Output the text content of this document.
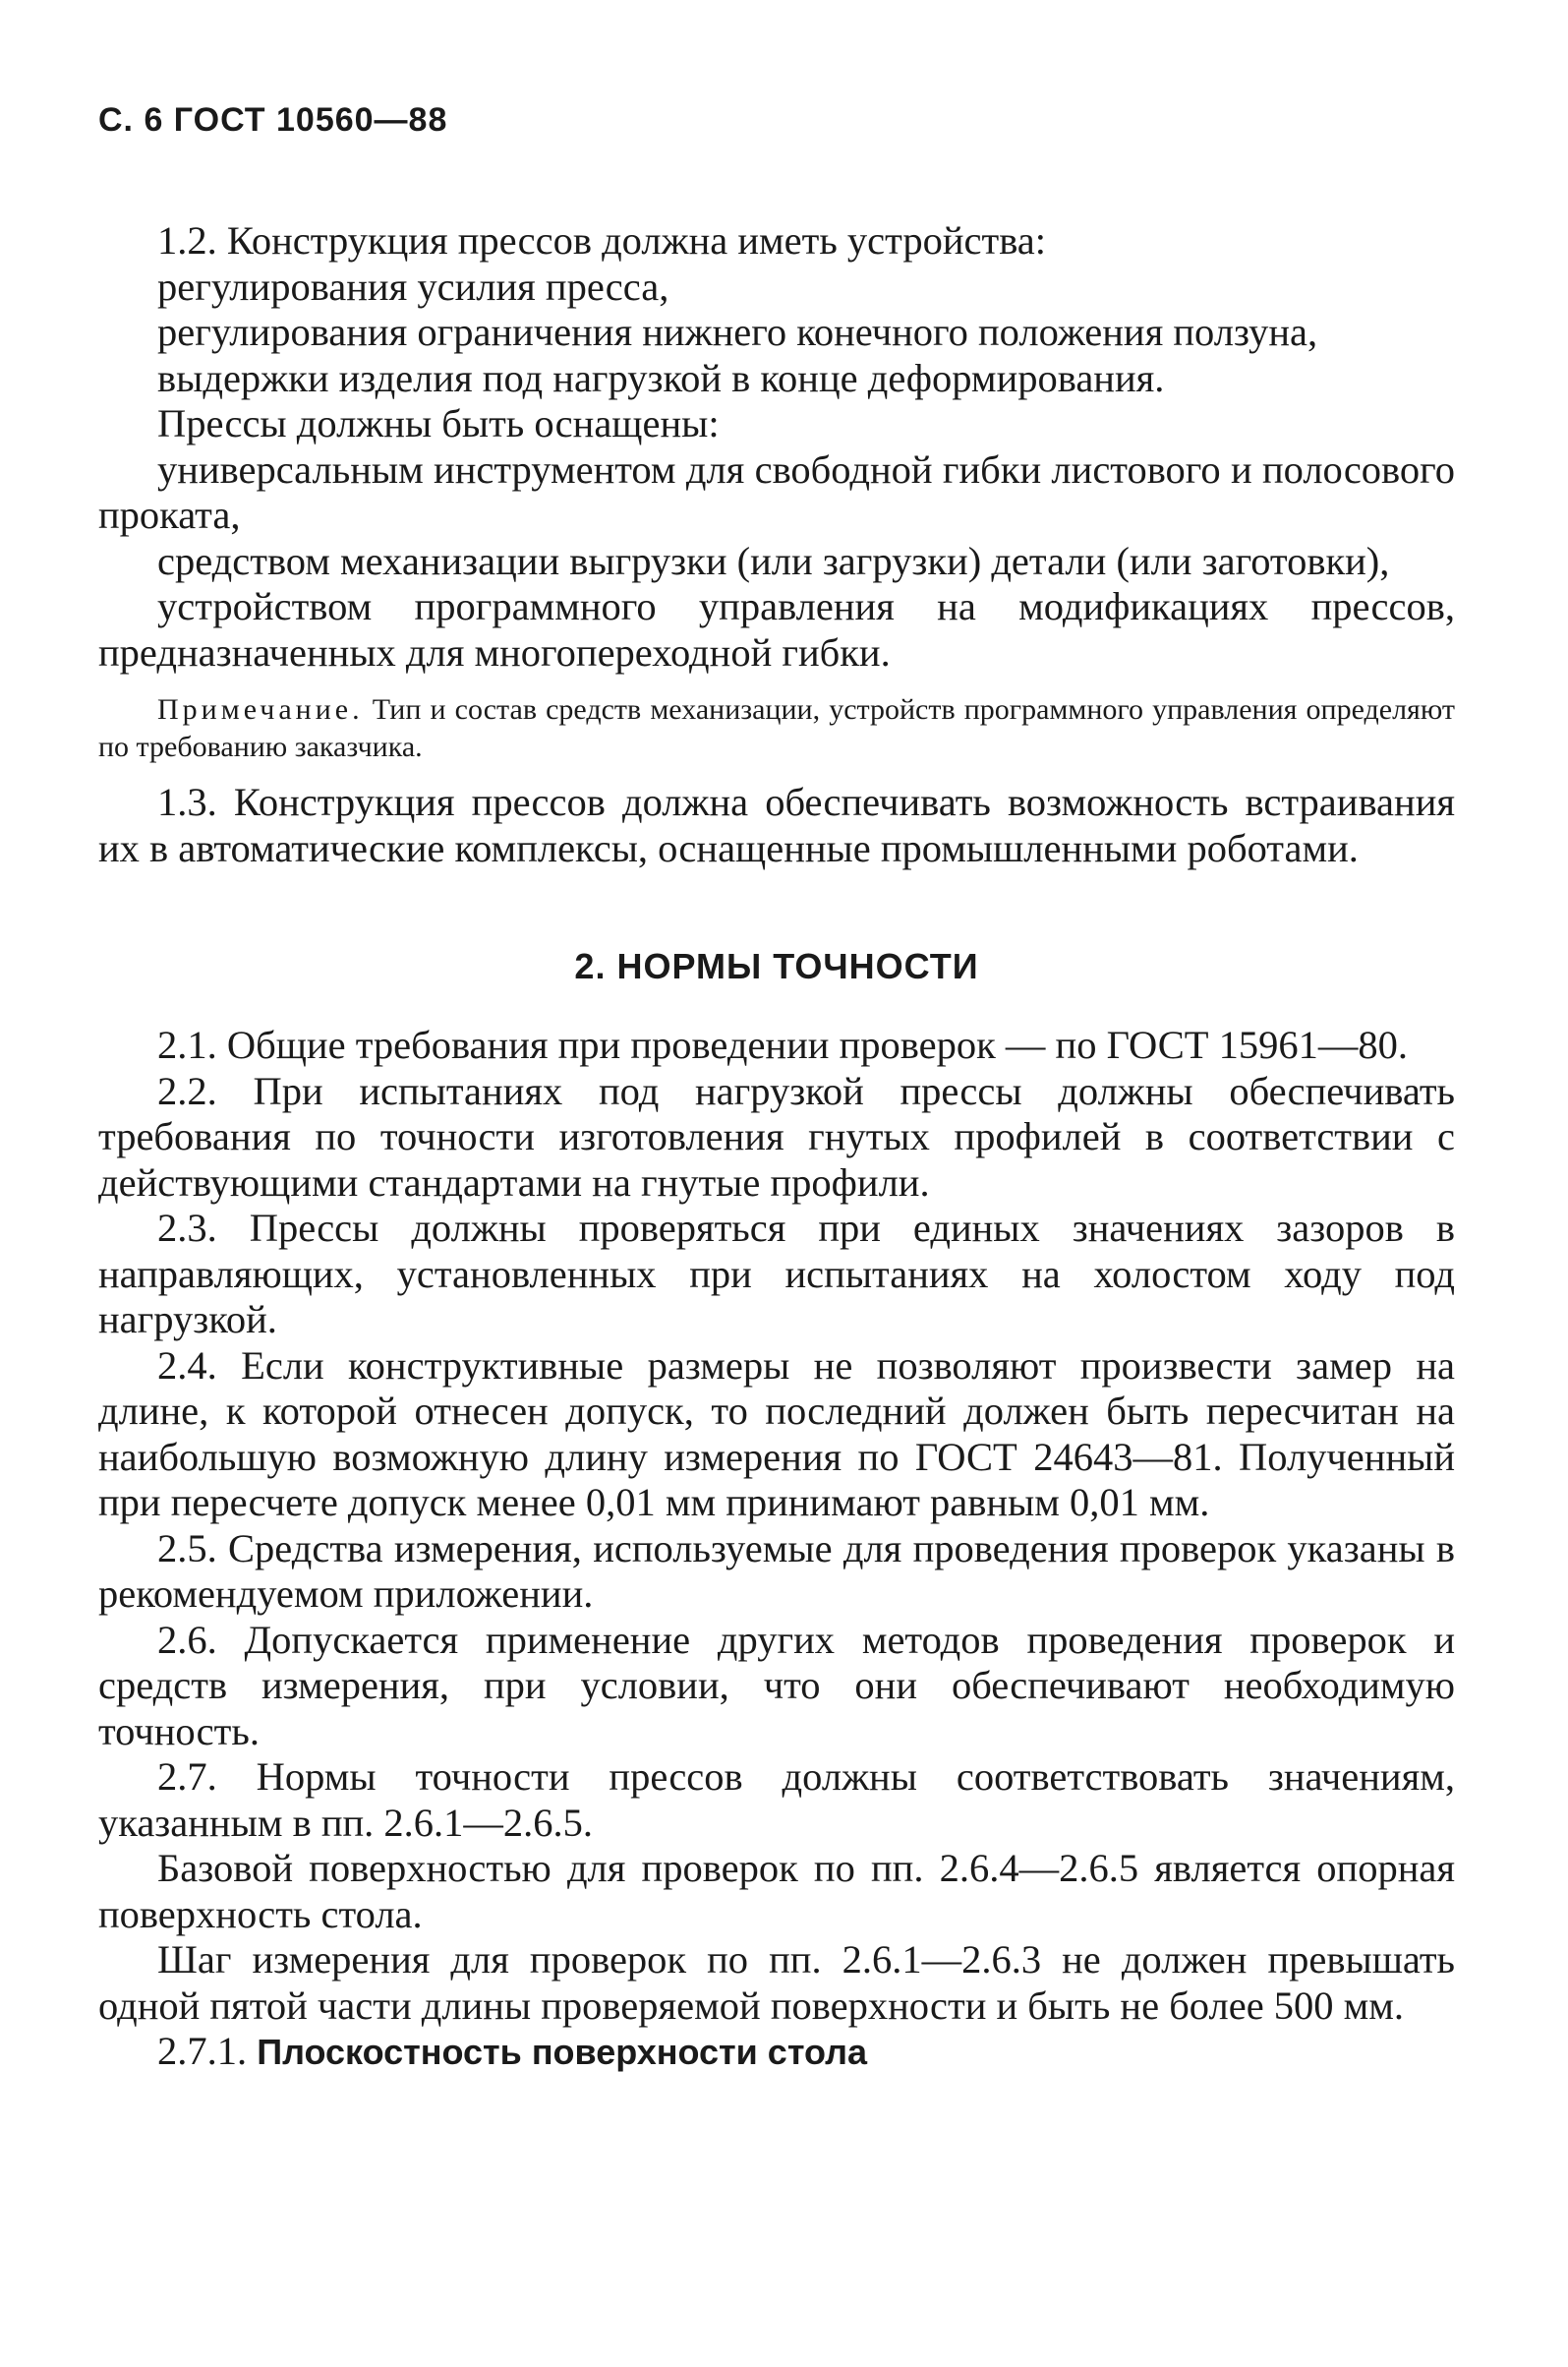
С. 6 ГОСТ 10560—88

1.2. Конструкция прессов должна иметь устройства:

регулирования усилия пресса,

регулирования ограничения нижнего конечного положения ползуна,

выдержки изделия под нагрузкой в конце деформирования.

Прессы должны быть оснащены:

универсальным инструментом для свободной гибки листового и полосового проката,

средством механизации выгрузки (или загрузки) детали (или заготовки),

устройством программного управления на модификациях прессов, предназначенных для многопереходной гибки.

Примечание. Тип и состав средств механизации, устройств программного управления определяют по требованию заказчика.

1.3. Конструкция прессов должна обеспечивать возможность встраивания их в автоматические комплексы, оснащенные промышленными роботами.

2. НОРМЫ ТОЧНОСТИ

2.1. Общие требования при проведении проверок — по ГОСТ 15961—80.

2.2. При испытаниях под нагрузкой прессы должны обеспечивать требования по точности изготовления гнутых профилей в соответствии с действующими стандартами на гнутые профили.

2.3. Прессы должны проверяться при единых значениях зазоров в направляющих, установленных при испытаниях на холостом ходу под нагрузкой.

2.4. Если конструктивные размеры не позволяют произвести замер на длине, к которой отнесен допуск, то последний должен быть пересчитан на наибольшую возможную длину измерения по ГОСТ 24643—81. Полученный при пересчете допуск менее 0,01 мм принимают равным 0,01 мм.

2.5. Средства измерения, используемые для проведения проверок указаны в рекомендуемом приложении.

2.6. Допускается применение других методов проведения проверок и средств измерения, при условии, что они обеспечивают необходимую точность.

2.7. Нормы точности прессов должны соответствовать значениям, указанным в пп. 2.6.1—2.6.5.

Базовой поверхностью для проверок по пп. 2.6.4—2.6.5 является опорная поверхность стола.

Шаг измерения для проверок по пп. 2.6.1—2.6.3 не должен превышать одной пятой части длины проверяемой поверхности и быть не более 500 мм.

2.7.1. Плоскостность поверхности стола
